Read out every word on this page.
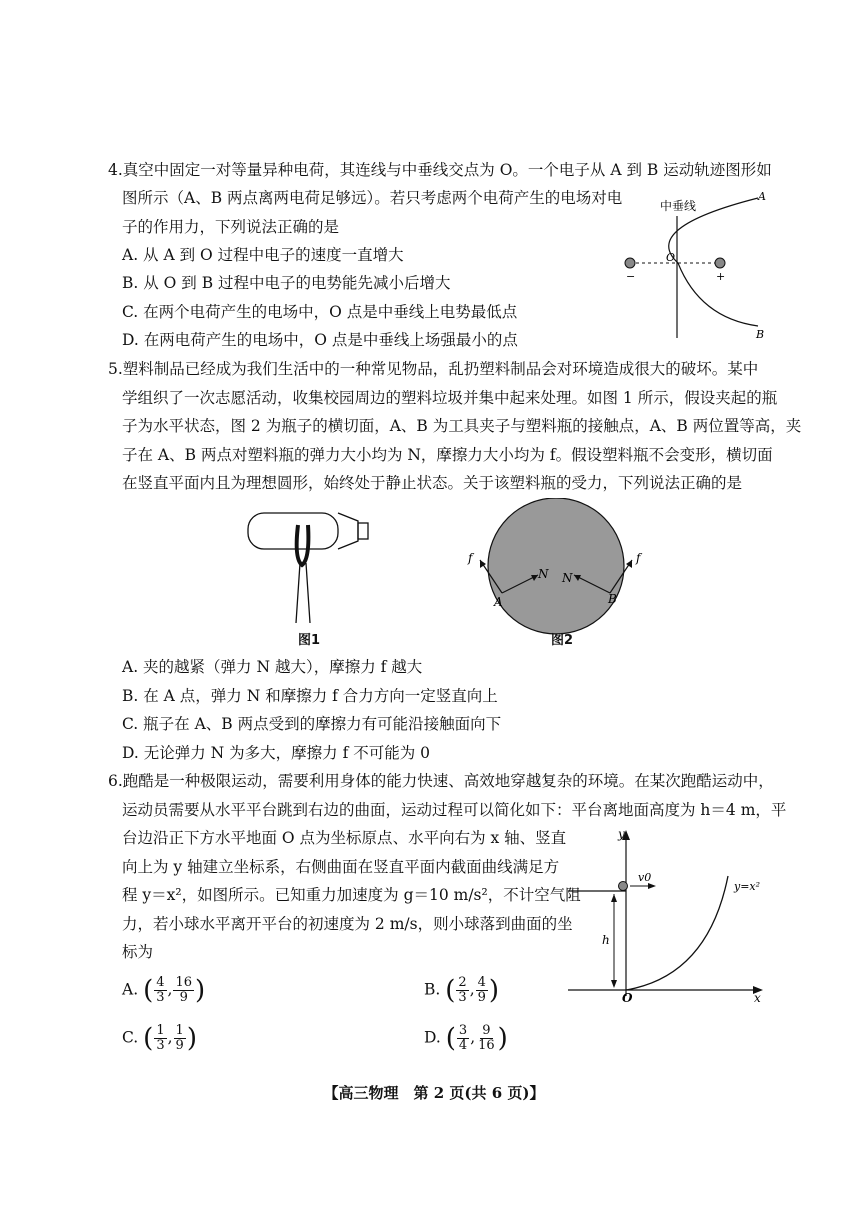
4.真空中固定一对等量异种电荷，其连线与中垂线交点为 O。一个电子从 A 到 B 运动轨迹图形如
图所示（A、B 两点离两电荷足够远）。若只考虑两个电荷产生的电场对电
子的作用力，下列说法正确的是
A. 从 A 到 O 过程中电子的速度一直增大
B. 从 O 到 B 过程中电子的电势能先减小后增大
C. 在两个电荷产生的电场中，O 点是中垂线上电势最低点
D. 在两电荷产生的电场中，O 点是中垂线上场强最小的点
中垂线
−	+
O
A
B
5.塑料制品已经成为我们生活中的一种常见物品，乱扔塑料制品会对环境造成很大的破坏。某中
学组织了一次志愿活动，收集校园周边的塑料垃圾并集中起来处理。如图 1 所示，假设夹起的瓶
子为水平状态，图 2 为瓶子的横切面，A、B 为工具夹子与塑料瓶的接触点，A、B 两位置等高，夹
子在 A、B 两点对塑料瓶的弹力大小均为 N，摩擦力大小均为 f。假设塑料瓶不会变形，横切面
在竖直平面内且为理想圆形，始终处于静止状态。关于该塑料瓶的受力，下列说法正确的是
图1
f	f
N N
A	B
图2
A. 夹的越紧（弹力 N 越大），摩擦力 f 越大
B. 在 A 点，弹力 N 和摩擦力 f 合力方向一定竖直向上
C. 瓶子在 A、B 两点受到的摩擦力有可能沿接触面向下
D. 无论弹力 N 为多大，摩擦力 f 不可能为 0
6.跑酷是一种极限运动，需要利用身体的能力快速、高效地穿越复杂的环境。在某次跑酷运动中，
运动员需要从水平平台跳到右边的曲面，运动过程可以简化如下：平台离地面高度为 h＝4 m，平
台边沿正下方水平地面 O 点为坐标原点、水平向右为 x 轴、竖直
向上为 y 轴建立坐标系，右侧曲面在竖直平面内截面曲线满足方
程 y＝x²，如图所示。已知重力加速度为 g＝10 m/s²，不计空气阻
力，若小球水平离开平台的初速度为 2 m/s，则小球落到曲面的坐
标为
A. ( $\frac{4}{3}$ , $\frac{16}{9}$ )	B. ( $\frac{2}{3}$ , $\frac{4}{9}$ )
C. ( $\frac{1}{3}$ , $\frac{1}{9}$ )	D. ( $\frac{3}{4}$ , $\frac{9}{16}$ )
y
x
O
h
v0
y=x²
【高三物理　第 2 页(共 6 页)】
